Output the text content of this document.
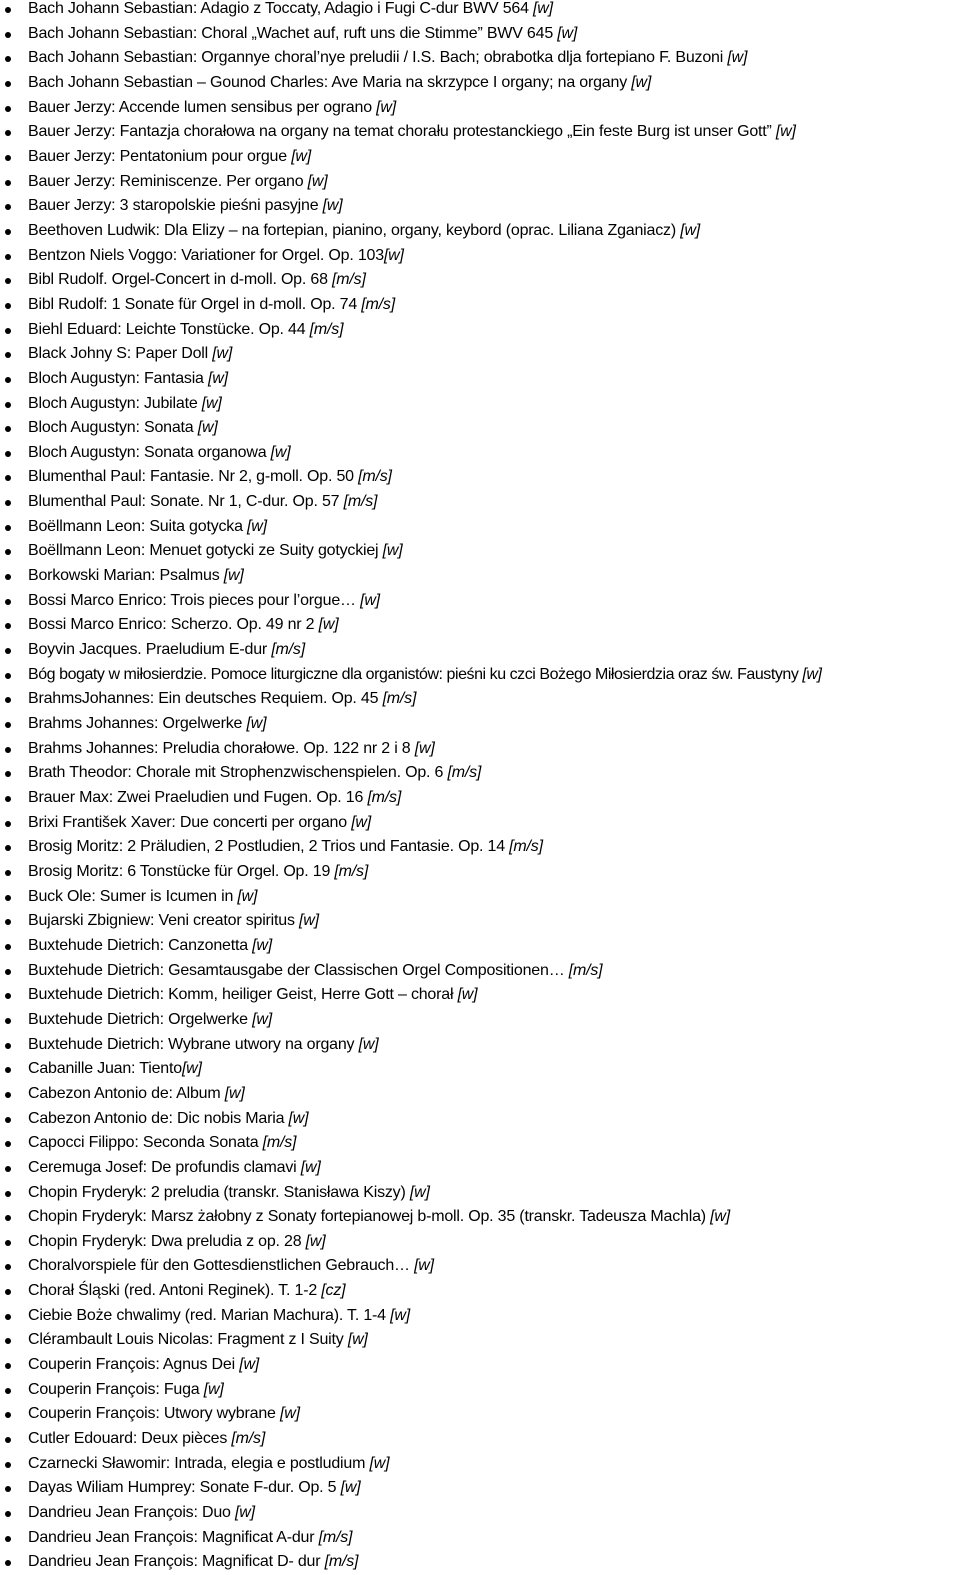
Bach Johann Sebastian: Adagio z Toccaty, Adagio i Fugi C-dur BWV 564 [w]
Bach Johann Sebastian: Choral „Wachet auf, ruft uns die Stimme” BWV 645 [w]
Bach Johann Sebastian: Organnye choral’nye preludii / I.S. Bach; obrabotka dlja fortepiano F. Buzoni [w]
Bach Johann Sebastian – Gounod Charles: Ave Maria na skrzypce I organy; na organy [w]
Bauer Jerzy: Accende lumen sensibus per ograno [w]
Bauer Jerzy: Fantazja chorałowa na organy na temat chorału protestanckiego „Ein feste Burg ist unser Gott” [w]
Bauer Jerzy: Pentatonium pour orgue [w]
Bauer Jerzy: Reminiscenze. Per organo [w]
Bauer Jerzy: 3 staropolskie pieśni pasyjne [w]
Beethoven Ludwik: Dla Elizy – na fortepian, pianino, organy, keybord (oprac. Liliana Zganiacz) [w]
Bentzon Niels Voggo: Variationer for Orgel. Op. 103[w]
Bibl Rudolf. Orgel-Concert in d-moll. Op. 68 [m/s]
Bibl Rudolf: 1 Sonate für Orgel in d-moll. Op. 74 [m/s]
Biehl Eduard: Leichte Tonstücke. Op. 44 [m/s]
Black Johny S: Paper Doll [w]
Bloch Augustyn: Fantasia [w]
Bloch Augustyn: Jubilate [w]
Bloch Augustyn: Sonata [w]
Bloch Augustyn: Sonata organowa [w]
Blumenthal Paul: Fantasie. Nr 2, g-moll. Op. 50 [m/s]
Blumenthal Paul: Sonate. Nr 1, C-dur. Op. 57 [m/s]
Boëllmann Leon: Suita gotycka [w]
Boëllmann Leon: Menuet gotycki ze Suity gotyckiej [w]
Borkowski Marian: Psalmus [w]
Bossi Marco Enrico: Trois pieces pour l’orgue… [w]
Bossi Marco Enrico: Scherzo. Op. 49 nr 2 [w]
Boyvin Jacques. Praeludium E-dur [m/s]
Bóg bogaty w miłosierdzie. Pomoce liturgiczne dla organistów: pieśni ku czci Bożego Miłosierdzia oraz św. Faustyny [w]
BrahmsJohannes: Ein deutsches Requiem. Op. 45 [m/s]
Brahms Johannes: Orgelwerke [w]
Brahms Johannes: Preludia chorałowe. Op. 122 nr 2 i 8 [w]
Brath Theodor: Chorale mit Strophenzwischenspielen. Op. 6 [m/s]
Brauer Max: Zwei Praeludien und Fugen. Op. 16 [m/s]
Brixi František Xaver: Due concerti per organo [w]
Brosig Moritz: 2 Präludien, 2 Postludien, 2 Trios und Fantasie. Op. 14 [m/s]
Brosig Moritz: 6 Tonstücke für Orgel. Op. 19 [m/s]
Buck Ole: Sumer is Icumen in [w]
Bujarski Zbigniew: Veni creator spiritus [w]
Buxtehude Dietrich: Canzonetta [w]
Buxtehude Dietrich: Gesamtausgabe der Classischen Orgel Compositionen… [m/s]
Buxtehude Dietrich: Komm, heiliger Geist, Herre Gott – chorał [w]
Buxtehude Dietrich: Orgelwerke [w]
Buxtehude Dietrich: Wybrane utwory na organy [w]
Cabanille Juan: Tiento[w]
Cabezon Antonio de: Album [w]
Cabezon Antonio de: Dic nobis Maria [w]
Capocci Filippo: Seconda Sonata [m/s]
Ceremuga Josef: De profundis clamavi [w]
Chopin Fryderyk: 2 preludia (transkr. Stanisława Kiszy) [w]
Chopin Fryderyk: Marsz żałobny z Sonaty fortepianowej b-moll. Op. 35 (transkr. Tadeusza Machla) [w]
Chopin Fryderyk: Dwa preludia z op. 28 [w]
Choralvorspiele für den Gottesdienstlichen Gebrauch… [w]
Chorał Śląski (red. Antoni Reginek). T. 1-2 [cz]
Ciebie Boże chwalimy (red. Marian Machura). T. 1-4 [w]
Clérambault Louis Nicolas: Fragment z I Suity [w]
Couperin François: Agnus Dei [w]
Couperin François: Fuga [w]
Couperin François: Utwory wybrane [w]
Cutler Edouard: Deux pièces [m/s]
Czarnecki Sławomir: Intrada, elegia e postludium [w]
Dayas Wiliam Humprey: Sonate F-dur. Op. 5 [w]
Dandrieu Jean François: Duo [w]
Dandrieu Jean François: Magnificat A-dur [m/s]
Dandrieu Jean François: Magnificat D- dur [m/s]
